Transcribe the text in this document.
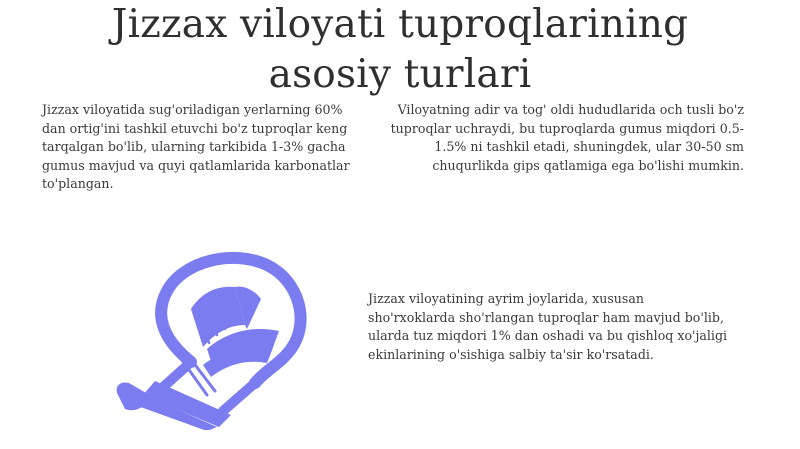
Jizzax viloyati tuproqlarining asosiy turlari

Jizzax viloyatida sug'oriladigan yerlarning 60% dan ortig'ini tashkil etuvchi bo'z tuproqlar keng tarqalgan bo'lib, ularning tarkibida 1-3% gacha gumus mavjud va quyi qatlamlarida karbonatlar to'plangan.

Viloyatning adir va tog' oldi hududlarida och tusli bo'z tuproqlar uchraydi, bu tuproqlarda gumus miqdori 0.5-1.5% ni tashkil etadi, shuningdek, ular 30-50 sm chuqurlikda gips qatlamiga ega bo'lishi mumkin.

Jizzax viloyatining ayrim joylarida, xususan sho'rxoklarda sho'rlangan tuproqlar ham mavjud bo'lib, ularda tuz miqdori 1% dan oshadi va bu qishloq xo'jaligi ekinlarining o'sishiga salbiy ta'sir ko'rsatadi.
